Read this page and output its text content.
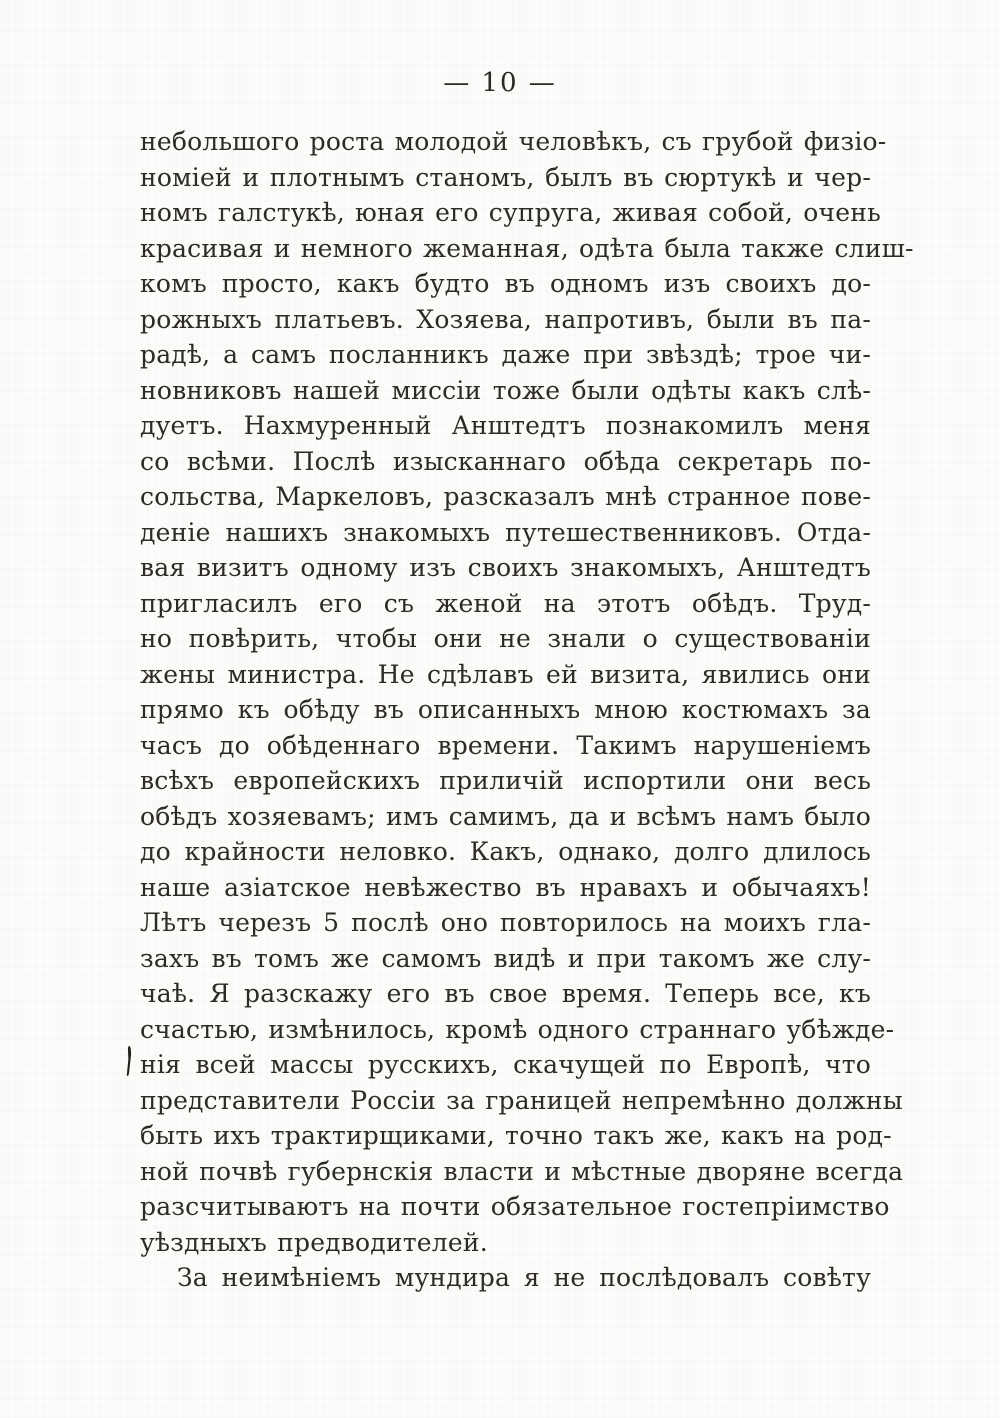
— 10 —
небольшого роста молодой человѣкъ, съ грубой физіо-
номіей и плотнымъ станомъ, былъ въ сюртукѣ и чер-
номъ галстукѣ, юная его супруга, живая собой, очень
красивая и немного жеманная, одѣта была также слиш-
комъ просто, какъ будто въ одномъ изъ своихъ до-
рожныхъ платьевъ. Хозяева, напротивъ, были въ па-
радѣ, а самъ посланникъ даже при звѣздѣ; трое чи-
новниковъ нашей миссіи тоже были одѣты какъ слѣ-
дуетъ. Нахмуренный Анштедтъ познакомилъ меня
со всѣми. Послѣ изысканнаго обѣда секретарь по-
сольства, Маркеловъ, разсказалъ мнѣ странное пове-
деніе нашихъ знакомыхъ путешественниковъ. Отда-
вая визитъ одному изъ своихъ знакомыхъ, Анштедтъ
пригласилъ его съ женой на этотъ обѣдъ. Труд-
но повѣрить, чтобы они не знали о существованіи
жены министра. Не сдѣлавъ ей визита, явились они
прямо къ обѣду въ описанныхъ мною костюмахъ за
часъ до обѣденнаго времени. Такимъ нарушеніемъ
всѣхъ европейскихъ приличій испортили они весь
обѣдъ хозяевамъ; имъ самимъ, да и всѣмъ намъ было
до крайности неловко. Какъ, однако, долго длилось
наше азіатское невѣжество въ нравахъ и обычаяхъ!
Лѣтъ черезъ 5 послѣ оно повторилось на моихъ гла-
захъ въ томъ же самомъ видѣ и при такомъ же слу-
чаѣ. Я разскажу его въ свое время. Теперь все, къ
счастью, измѣнилось, кромѣ одного страннаго убѣжде-
нія всей массы русскихъ, скачущей по Европѣ, что
представители Россіи за границей непремѣнно должны
быть ихъ трактирщиками, точно такъ же, какъ на род-
ной почвѣ губернскія власти и мѣстные дворяне всегда
разсчитываютъ на почти обязательное гостепріимство
уѣздныхъ предводителей.
За неимѣніемъ мундира я не послѣдовалъ совѣту
